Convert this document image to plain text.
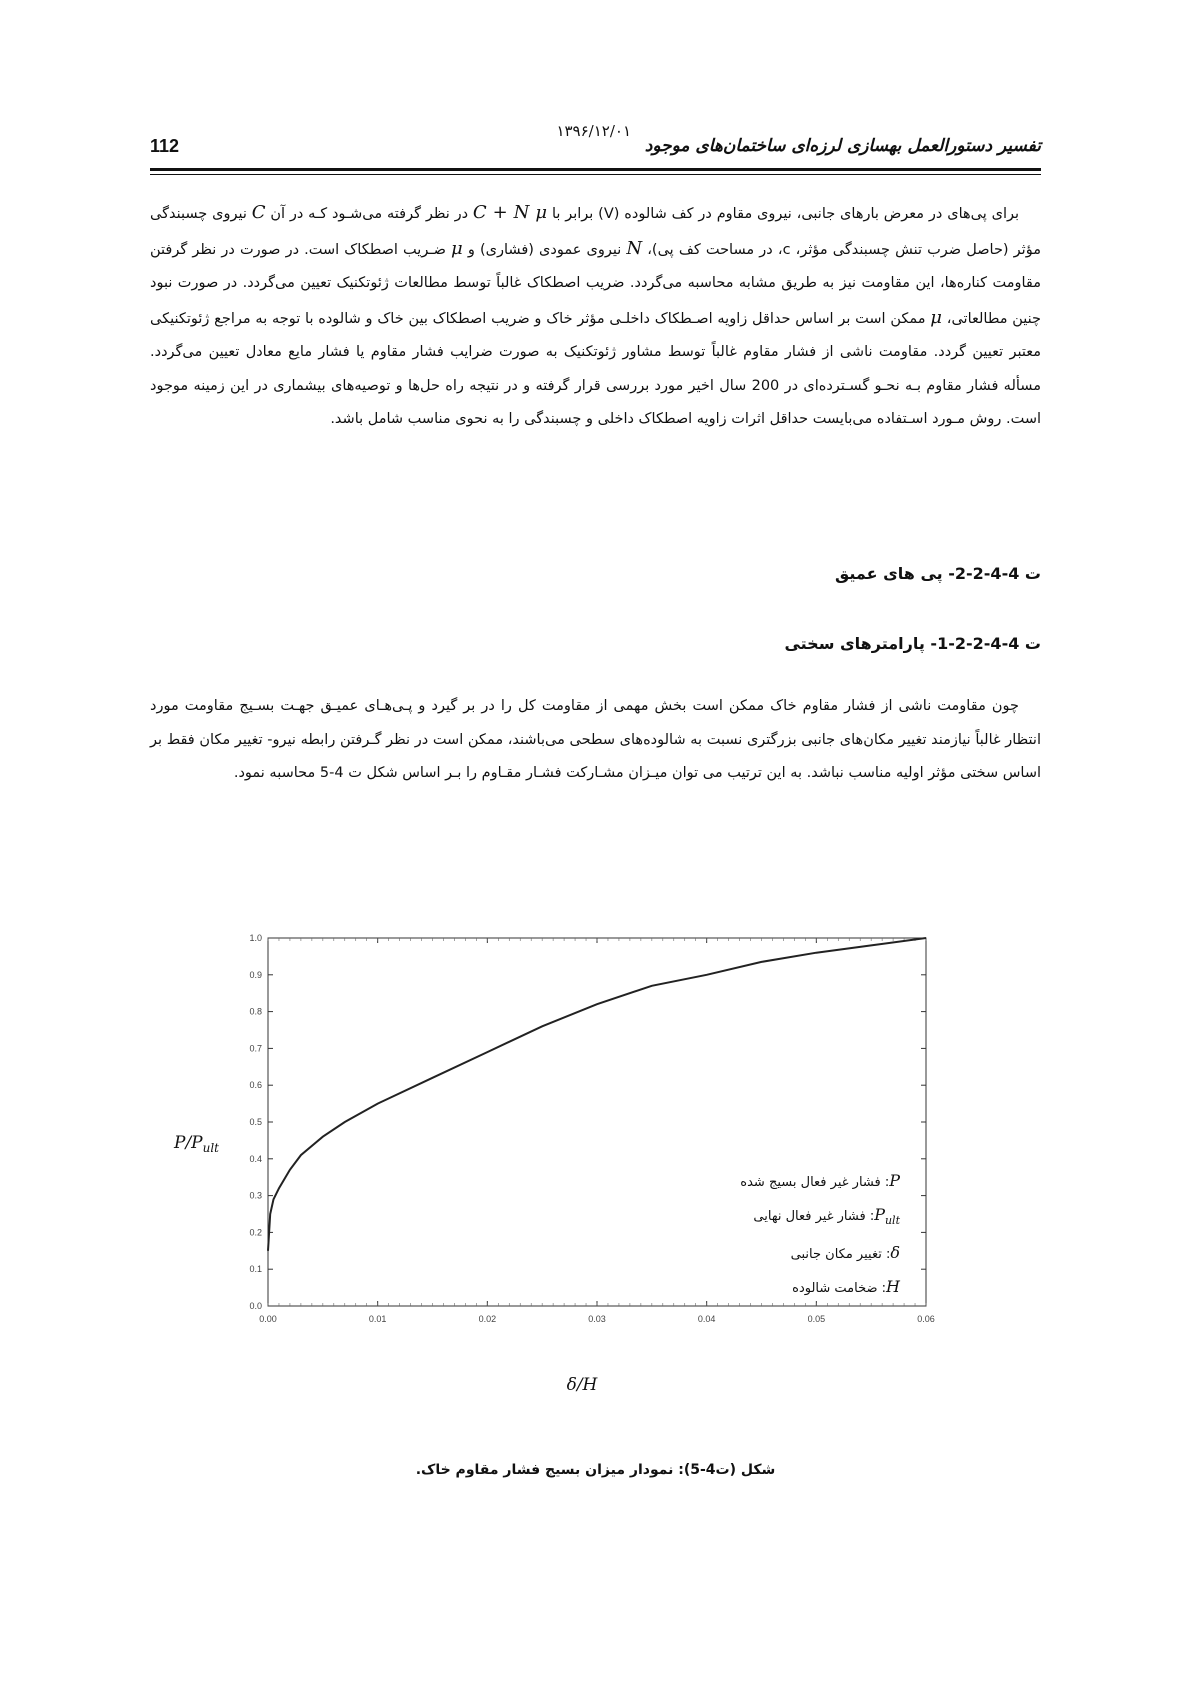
112
۱۳۹۶/۱۲/۰۱
تفسیر دستورالعمل بهسازی لرزه‌ای ساختمان‌های موجود

برای پی‌های در معرض بارهای جانبی، نیروی مقاوم در کف شالوده (V) برابر با C + N μ در نظر گرفته می‌شـود کـه در آن C نیروی چسبندگی مؤثر (حاصل ضرب تنش چسبندگی مؤثر، c، در مساحت کف پی)، N نیروی عمودی (فشاری) و μ ضـریب اصطکاک است. در صورت در نظر گرفتن مقاومت کناره‌ها، این مقاومت نیز به طریق مشابه محاسبه می‌گردد. ضریب اصطکاک غالباً توسط مطالعات ژئوتکنیک تعیین می‌گردد. در صورت نبود چنین مطالعاتی، μ ممکن است بر اساس حداقل زاویه اصـطکاک داخلـی مؤثر خاک و ضریب اصطکاک بین خاک و شالوده با توجه به مراجع ژئوتکنیکی معتبر تعیین گردد. مقاومت ناشی از فشار مقاوم غالباً توسط مشاور ژئوتکنیک به صورت ضرایب فشار مقاوم یا فشار مایع معادل تعیین می‌گردد. مسأله فشار مقاوم بـه نحـو گسـترده‌ای در 200 سال اخیر مورد بررسی قرار گرفته و در نتیجه راه حل‌ها و توصیه‌های بیشماری در این زمینه موجود است. روش مـورد اسـتفاده می‌بایست حداقل اثرات زاویه اصطکاک داخلی و چسبندگی را به نحوی مناسب شامل باشد.

ت 4-4-2-2- پی های عمیق
ت 4-4-2-2-1- پارامترهای سختی

چون مقاومت ناشی از فشار مقاوم خاک ممکن است بخش مهمی از مقاومت کل را در بر گیرد و پـی‌هـای عمیـق جهـت بسـیج مقاومت مورد انتظار غالباً نیازمند تغییر مکان‌های جانبی بزرگتری نسبت به شالوده‌های سطحی می‌باشند، ممکن است در نظر گـرفتن رابطه نیرو- تغییر مکان فقط بر اساس سختی مؤثر اولیه مناسب نباشد. به این ترتیب می توان میـزان مشـارکت فشـار مقـاوم را بـر اساس شکل ت 4-5 محاسبه نمود.

0.0
0.1
0.2
0.3
0.4
0.5
0.6
0.7
0.8
0.9
1.0
0.00	0.01	0.02	0.03	0.04	0.05	0.06
$P/P_{ult}$
δ/H
P: فشار غیر فعال بسیج شده
$P_{ult}$: فشار غیر فعال نهایی
δ: تغییر مکان جانبی
H: ضخامت شالوده
شکل (ت4-5): نمودار میزان بسیج فشار مقاوم خاک.
